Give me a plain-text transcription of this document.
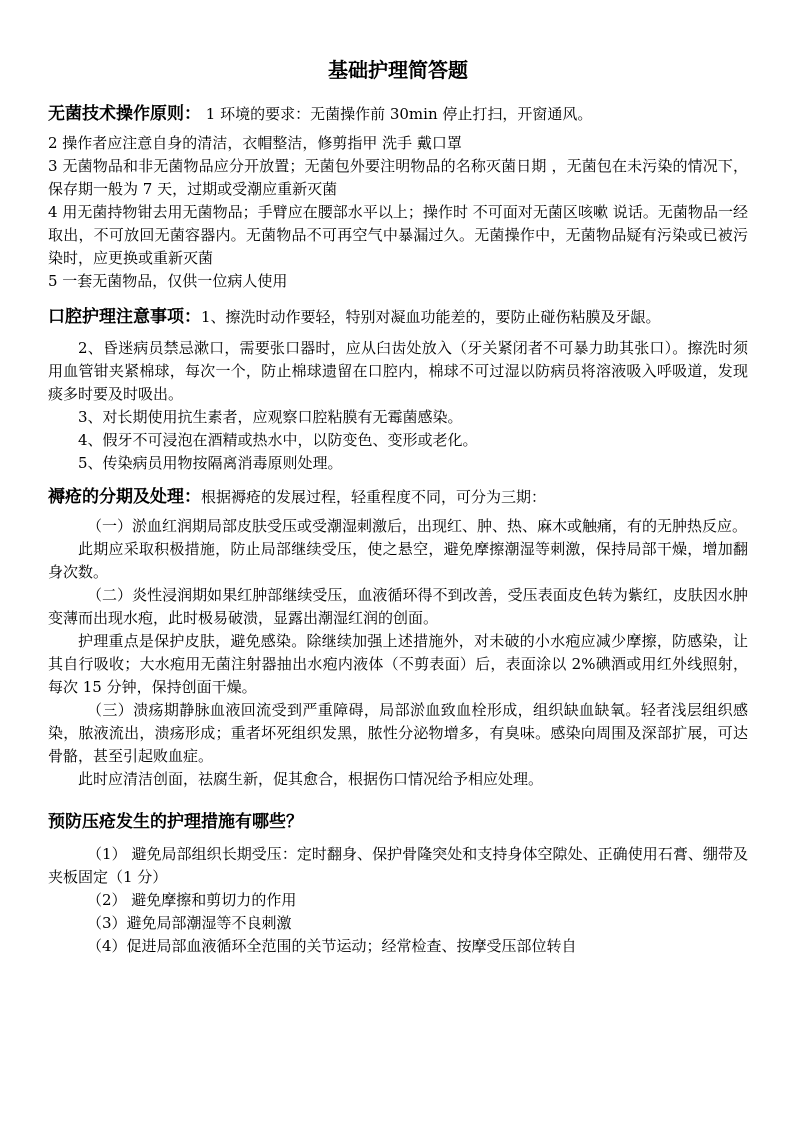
基础护理简答题

无菌技术操作原则： 1 环境的要求：无菌操作前 30min 停止打扫，开窗通风。

2 操作者应注意自身的清洁，衣帽整洁，修剪指甲 洗手 戴口罩

3 无菌物品和非无菌物品应分开放置；无菌包外要注明物品的名称灭菌日期 ，无菌包在未污染的情况下，保存期一般为 7 天，过期或受潮应重新灭菌

4 用无菌持物钳去用无菌物品；手臂应在腰部水平以上；操作时 不可面对无菌区咳嗽 说话。无菌物品一经取出，不可放回无菌容器内。无菌物品不可再空气中暴漏过久。无菌操作中，无菌物品疑有污染或已被污染时，应更换或重新灭菌

5 一套无菌物品，仅供一位病人使用

口腔护理注意事项：1、擦洗时动作要轻，特别对凝血功能差的，要防止碰伤粘膜及牙龈。

2、昏迷病员禁忌漱口，需要张口器时，应从臼齿处放入（牙关紧闭者不可暴力助其张口）。擦洗时须用血管钳夹紧棉球，每次一个，防止棉球遗留在口腔内，棉球不可过湿以防病员将溶液吸入呼吸道，发现痰多时要及时吸出。

3、对长期使用抗生素者，应观察口腔粘膜有无霉菌感染。

4、假牙不可浸泡在酒精或热水中，以防变色、变形或老化。

5、传染病员用物按隔离消毒原则处理。

褥疮的分期及处理：根据褥疮的发展过程，轻重程度不同，可分为三期：

（一）淤血红润期局部皮肤受压或受潮湿刺激后，出现红、肿、热、麻木或触痛，有的无肿热反应。

此期应采取积极措施，防止局部继续受压，使之悬空，避免摩擦潮湿等刺激，保持局部干燥，增加翻身次数。

（二）炎性浸润期如果红肿部继续受压，血液循环得不到改善，受压表面皮色转为紫红，皮肤因水肿变薄而出现水疱，此时极易破溃，显露出潮湿红润的创面。

护理重点是保护皮肤，避免感染。除继续加强上述措施外，对未破的小水疱应减少摩擦，防感染，让其自行吸收；大水疱用无菌注射器抽出水疱内液体（不剪表面）后，表面涂以 2%碘酒或用红外线照射，每次 15 分钟，保持创面干燥。

（三）溃疡期静脉血液回流受到严重障碍，局部淤血致血栓形成，组织缺血缺氧。轻者浅层组织感染，脓液流出，溃疡形成；重者坏死组织发黑，脓性分泌物增多，有臭味。感染向周围及深部扩展，可达骨骼，甚至引起败血症。

此时应清洁创面，祛腐生新，促其愈合，根据伤口情况给予相应处理。

预防压疮发生的护理措施有哪些？

（1） 避免局部组织长期受压：定时翻身、保护骨隆突处和支持身体空隙处、正确使用石膏、绷带及夹板固定（1 分）

（2） 避免摩擦和剪切力的作用

（3）避免局部潮湿等不良刺激

（4）促进局部血液循环全范围的关节运动；经常检查、按摩受压部位转自
